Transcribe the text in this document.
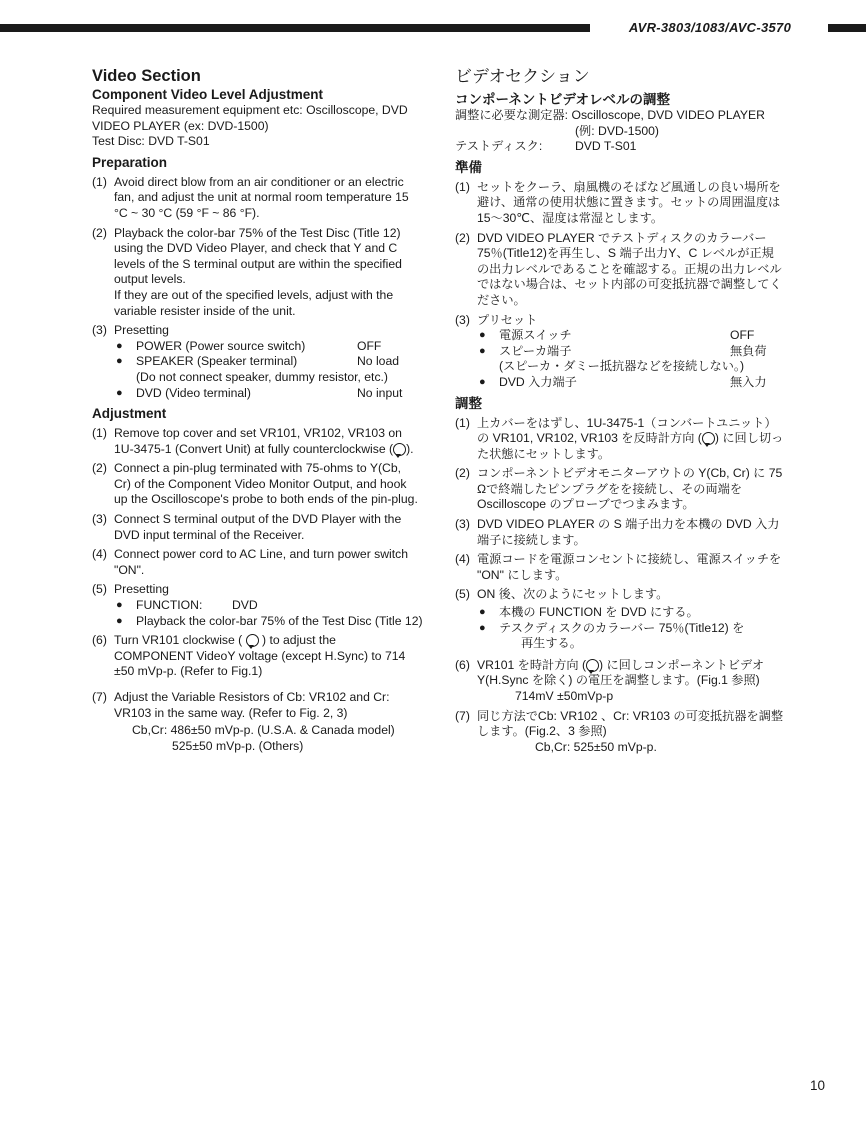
AVR-3803/1083/AVC-3570
Video Section
Component Video Level Adjustment

Required measurement equipment etc: Oscilloscope, DVD

VIDEO PLAYER (ex: DVD-1500)

Test Disc: DVD T-S01

Preparation
(1) Avoid direct blow from an air conditioner or an electric

fan, and adjust the unit at normal room temperature 15

°C ~ 30 °C (59 °F ~ 86 °F).

(2) Playback the color-bar 75% of the Test Disc (Title 12)

using the DVD Video Player, and check that Y and C

levels of the S terminal output are within the specified

output levels.

If they are out of the specified levels, adjust with the

variable resister inside of the unit.

(3) Presetting

●	POWER (Power source switch)	OFF
●	SPEAKER (Speaker terminal)	No load

(Do not connect speaker, dummy resistor, etc.)

●	DVD (Video terminal)	No input
Adjustment
(1) Remove top cover and set VR101, VR102, VR103 on

1U-3475-1 (Convert Unit) at fully counterclockwise ( ).

(2) Connect a pin-plug terminated with 75-ohms to Y(Cb,

Cr) of the Component Video Monitor Output, and hook

up the Oscilloscope's probe to both ends of the pin-plug.

(3) Connect S terminal output of the DVD Player with the

DVD input terminal of the Receiver.

(4) Connect power cord to AC Line, and turn power switch

"ON".

(5) Presetting

●	FUNCTION:	DVD
●	Playback the color-bar 75% of the Test Disc (Title 12)
(6) Turn VR101 clockwise ( ) to adjust the

COMPONENT VideoY voltage (except H.Sync) to 714

±50 mVp-p. (Refer to Fig.1)

(7) Adjust the Variable Resistors of Cb: VR102 and Cr:

VR103 in the same way. (Refer to Fig. 2, 3)

Cb,Cr: 486±50 mVp-p. (U.S.A. & Canada model)

525±50 mVp-p. (Others)

ビデオセクション
コンポーネントビデオレベルの調整

調整に必要な測定器: Oscilloscope, DVD VIDEO PLAYER

(例: DVD-1500)

テストディスク:	DVD T-S01

準備
(1) セットをクーラ、扇風機のそばなど風通しの良い場所を

避け、通常の使用状態に置きます。セットの周囲温度は

15～30℃、湿度は常湿とします。

(2) DVD VIDEO PLAYER でテストディスクのカラーバー

75％(Title12)を再生し、S 端子出力Y、C レベルが正規

の出力レベルであることを確認する。正規の出力レベル

ではない場合は、セット内部の可変抵抗器で調整してく

ださい。

(3) プリセット

●	電源スイッチ	OFF
●	スピーカ端子	無負荷

(スピーカ・ダミー抵抗器などを接続しない。)

●	DVD 入力端子	無入力
調整
(1) 上カバーをはずし、1U-3475-1（コンバートユニット）

の VR101, VR102, VR103 を反時計方向 ( ) に回し切っ

た状態にセットします。

(2) コンポーネントビデオモニターアウトの Y(Cb, Cr) に 75

Ωで終端したピンプラグをを接続し、その両端を

Oscilloscope のプローブでつまみます。

(3) DVD VIDEO PLAYER の S 端子出力を本機の DVD 入力

端子に接続します。

(4) 電源コードを電源コンセントに接続し、電源スイッチを

"ON" にします。

(5) ON 後、次のようにセットします。

●	本機の FUNCTION を DVD にする。
●	テスクディスクのカラーバー 75％(Title12) を

再生する。

(6) VR101 を時計方向 ( ) に回しコンポーネントビデオ

Y(H.Sync を除く) の電圧を調整します。(Fig.1 参照)

714mV ±50mVp-p

(7) 同じ方法でCb: VR102 、Cr: VR103 の可変抵抗器を調整

します。(Fig.2、3 参照)

Cb,Cr: 525±50 mVp-p.

10
